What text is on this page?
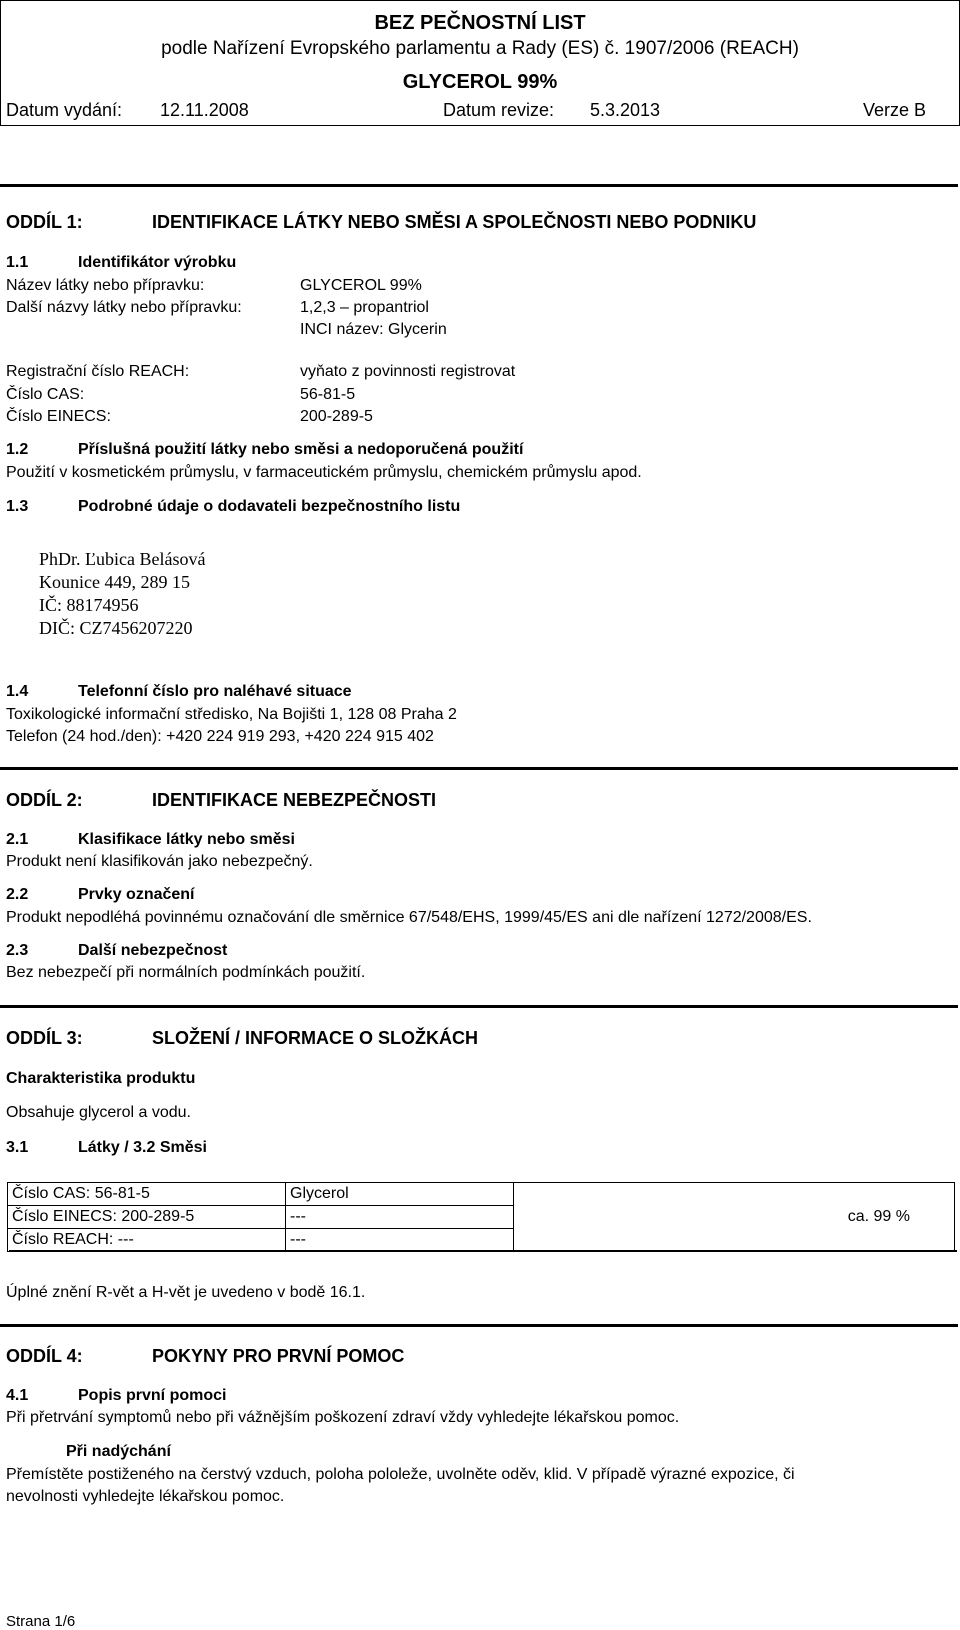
BEZ PEČNOSTNÍ LIST
podle Nařízení Evropského parlamentu a Rady (ES) č. 1907/2006 (REACH)
GLYCEROL 99%
Datum vydání: 12.11.2008	Datum revize: 5.3.2013	Verze B
ODDÍL 1:	IDENTIFIKACE LÁTKY NEBO SMĚSI A SPOLEČNOSTI NEBO PODNIKU
1.1	Identifikátor výrobku
Název látky nebo přípravku:	GLYCEROL 99%
Další názvy látky nebo přípravku:	1,2,3 – propantriol
INCI název: Glycerin
Registrační číslo REACH:	vyňato z povinnosti registrovat
Číslo CAS:	56-81-5
Číslo EINECS:	200-289-5
1.2	Příslušná použití látky nebo směsi a nedoporučená použití
Použití v kosmetickém průmyslu, v farmaceutickém průmyslu, chemickém průmyslu apod.
1.3	Podrobné údaje o dodavateli bezpečnostního listu
PhDr. Ľubica Belásová
Kounice 449, 289 15
IČ: 88174956
DIČ: CZ7456207220
1.4	Telefonní číslo pro naléhavé situace
Toxikologické informační středisko, Na Bojišti 1, 128 08 Praha 2
Telefon (24 hod./den): +420 224 919 293, +420 224 915 402
ODDÍL 2:	IDENTIFIKACE NEBEZPEČNOSTI
2.1	Klasifikace látky nebo směsi
Produkt není klasifikován jako nebezpečný.
2.2	Prvky označení
Produkt nepodléhá povinnému označování dle směrnice 67/548/EHS, 1999/45/ES ani dle nařízení 1272/2008/ES.
2.3	Další nebezpečnost
Bez nebezpečí při normálních podmínkách použití.
ODDÍL 3:	SLOŽENÍ / INFORMACE O SLOŽKÁCH
Charakteristika produktu
Obsahuje glycerol a vodu.
3.1	Látky / 3.2 Směsi
Číslo CAS: 56-81-5	Glycerol	ca. 99 %
Číslo EINECS: 200-289-5	---	
Číslo REACH: ---	---	
Úplné znění R-vět a H-vět je uvedeno v bodě 16.1.
ODDÍL 4:	POKYNY PRO PRVNÍ POMOC
4.1	Popis první pomoci
Při přetrvání symptomů nebo při vážnějším poškození zdraví vždy vyhledejte lékařskou pomoc.
Při nadýchání
Přemístěte postiženého na čerstvý vzduch, poloha pololeže, uvolněte oděv, klid. V případě výrazné expozice, či
nevolnosti vyhledejte lékařskou pomoc.
Strana 1/6
